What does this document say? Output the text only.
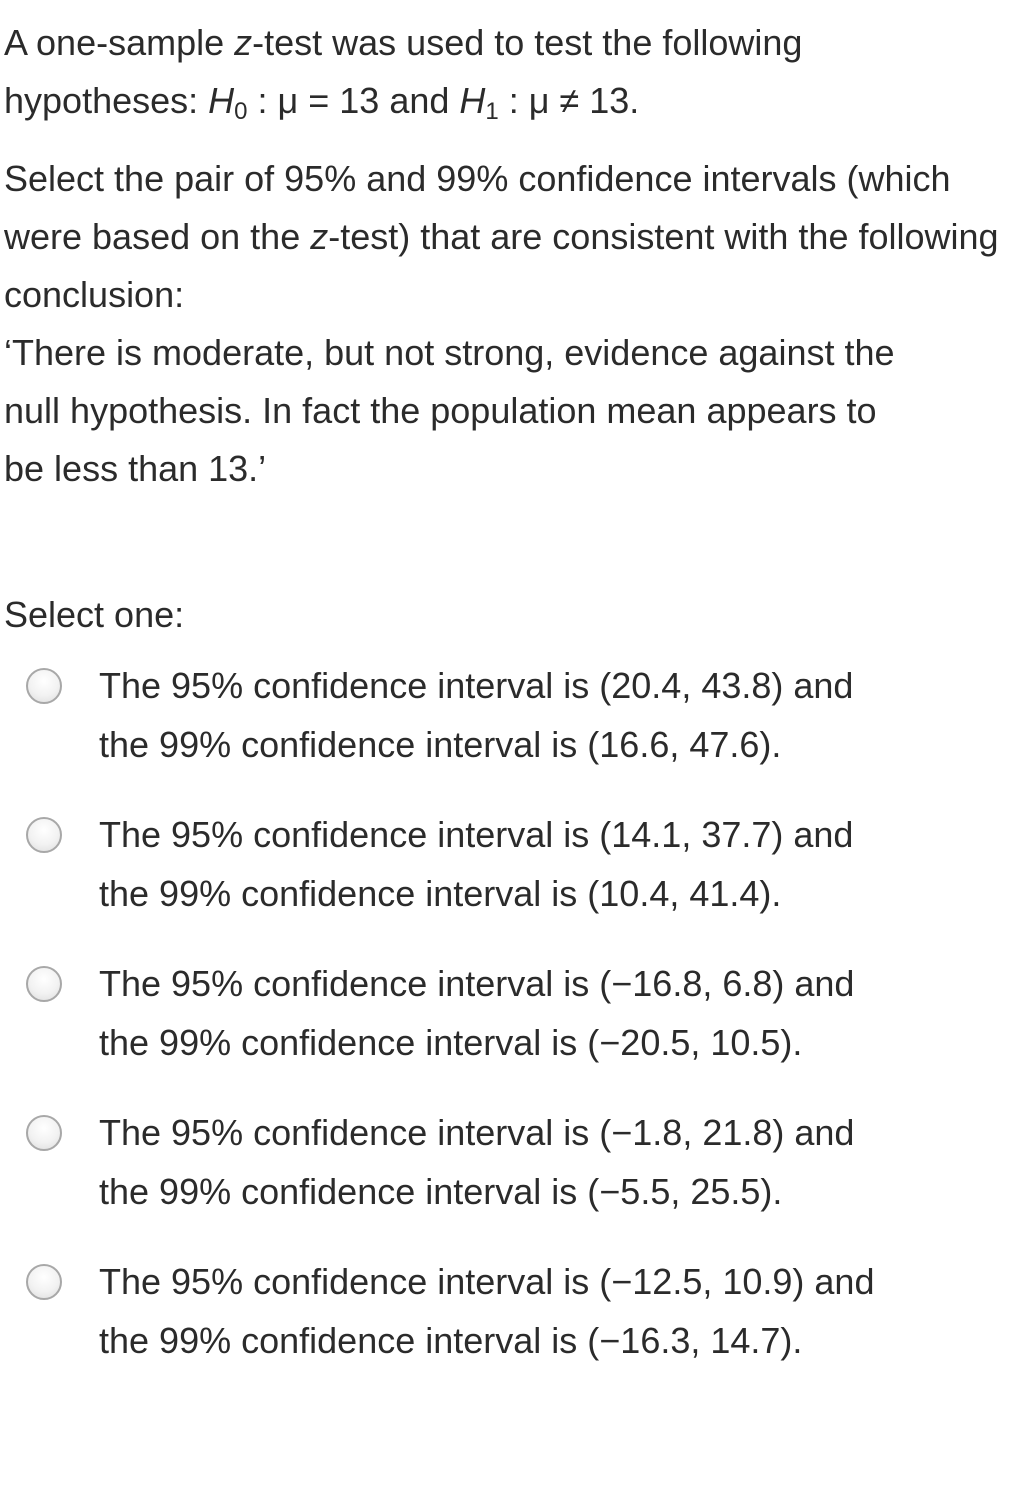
A one-sample z-test was used to test the following
hypotheses: $H_0$ : μ = 13 and $H_1$ : μ ≠ 13.

Select the pair of 95% and 99% confidence intervals (which were based on the z-test) that are consistent with the following conclusion:

‘There is moderate, but not strong, evidence against the null hypothesis. In fact the population mean appears to be less than 13.’

Select one:
The 95% confidence interval is (20.4, 43.8) and
the 99% confidence interval is (16.6, 47.6).
The 95% confidence interval is (14.1, 37.7) and
the 99% confidence interval is (10.4, 41.4).
The 95% confidence interval is (−16.8, 6.8) and
the 99% confidence interval is (−20.5, 10.5).
The 95% confidence interval is (−1.8, 21.8) and
the 99% confidence interval is (−5.5, 25.5).
The 95% confidence interval is (−12.5, 10.9) and
the 99% confidence interval is (−16.3, 14.7).
